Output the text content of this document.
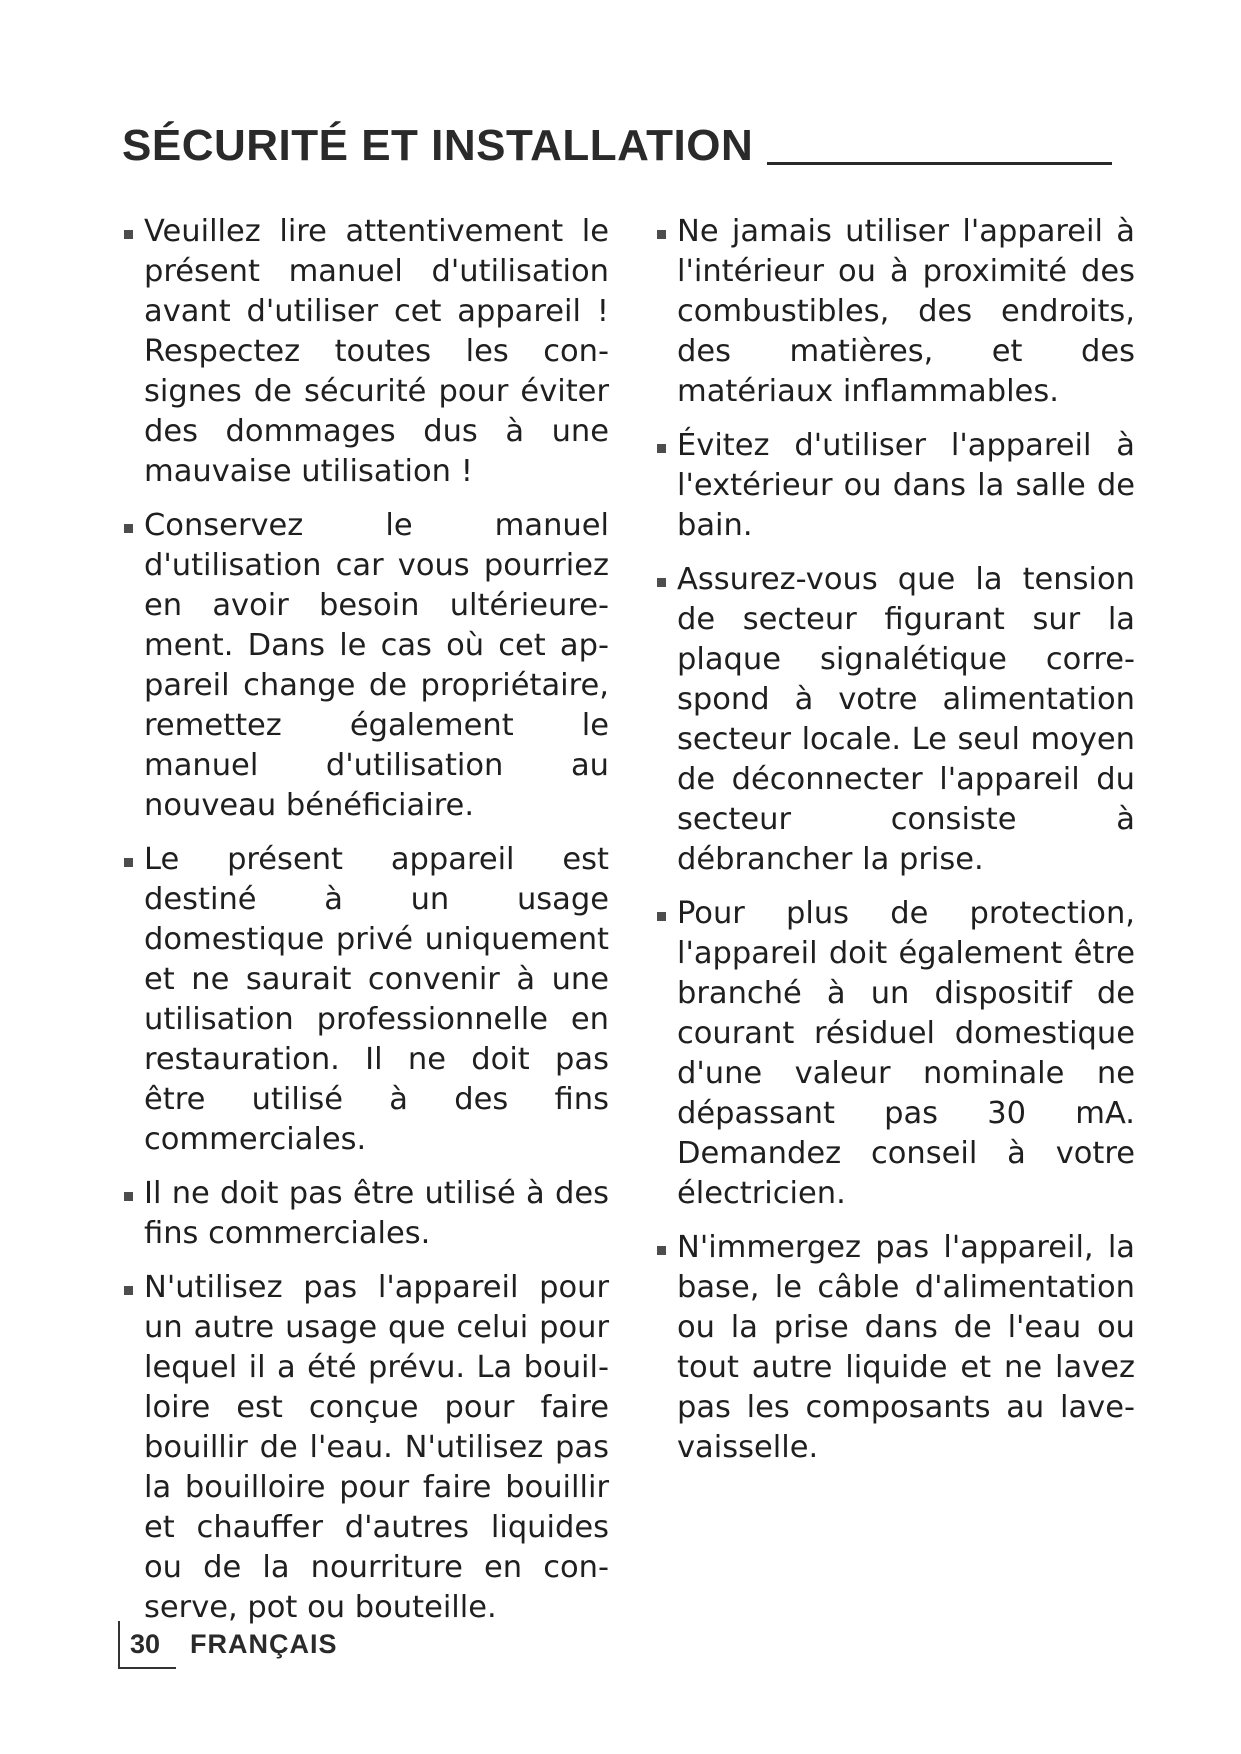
SÉCURITÉ ET INSTALLATION
Veuillez lire attentivement le présent manuel d'utilisation avant d'utiliser cet appareil ! Respectez toutes les consignes de sécurité pour éviter des dommages dus à une mauvaise utilisation !
Conservez le manuel d'utilisation car vous pourriez en avoir besoin ultérieurement. Dans le cas où cet appareil change de propriétaire, remettez également le manuel d'utilisation au nouveau bénéficiaire.
Le présent appareil est destiné à un usage domestique privé uniquement et ne saurait convenir à une utilisation professionnelle en restauration. Il ne doit pas être utilisé à des fins commerciales.
Il ne doit pas être utilisé à des fins commerciales.
N'utilisez pas l'appareil pour un autre usage que celui pour lequel il a été prévu. La bouilloire est conçue pour faire bouillir de l'eau. N'utilisez pas la bouilloire pour faire bouillir et chauffer d'autres liquides ou de la nourriture en conserve, pot ou bouteille.
Ne jamais utiliser l'appareil à l'intérieur ou à proximité des combustibles, des endroits, des matières, et des matériaux inflammables.
Évitez d'utiliser l'appareil à l'extérieur ou dans la salle de bain.
Assurez-vous que la tension de secteur figurant sur la plaque signalétique correspond à votre alimentation secteur locale. Le seul moyen de déconnecter l'appareil du secteur consiste à débrancher la prise.
Pour plus de protection, l'appareil doit également être branché à un dispositif de courant résiduel domestique d'une valeur nominale ne dépassant pas 30 mA. Demandez conseil à votre électricien.
N'immergez pas l'appareil, la base, le câble d'alimentation ou la prise dans de l'eau ou tout autre liquide et ne lavez pas les composants au lavevaisselle.
30	FRANÇAIS
